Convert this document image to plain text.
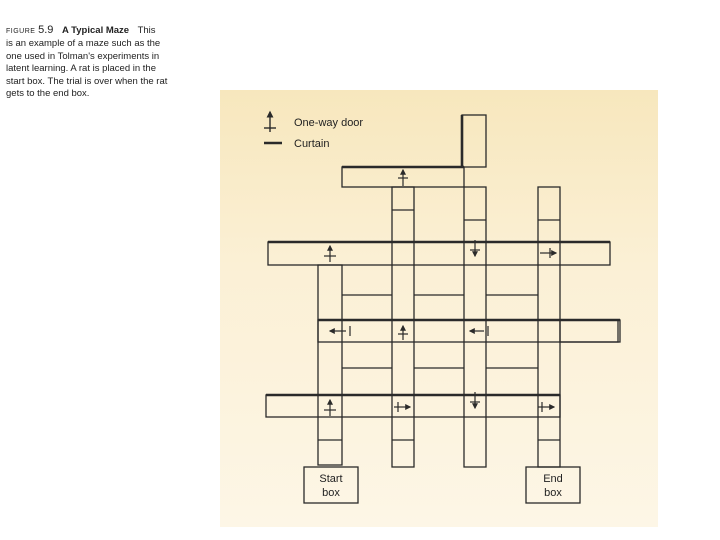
FIGURE 5.9 A Typical Maze This
is an example of a maze such as the
one used in Tolman's experiments in
latent learning. A rat is placed in the
start box. The trial is over when the rat
gets to the end box.
One-way door
Curtain
Start
box
End
box
